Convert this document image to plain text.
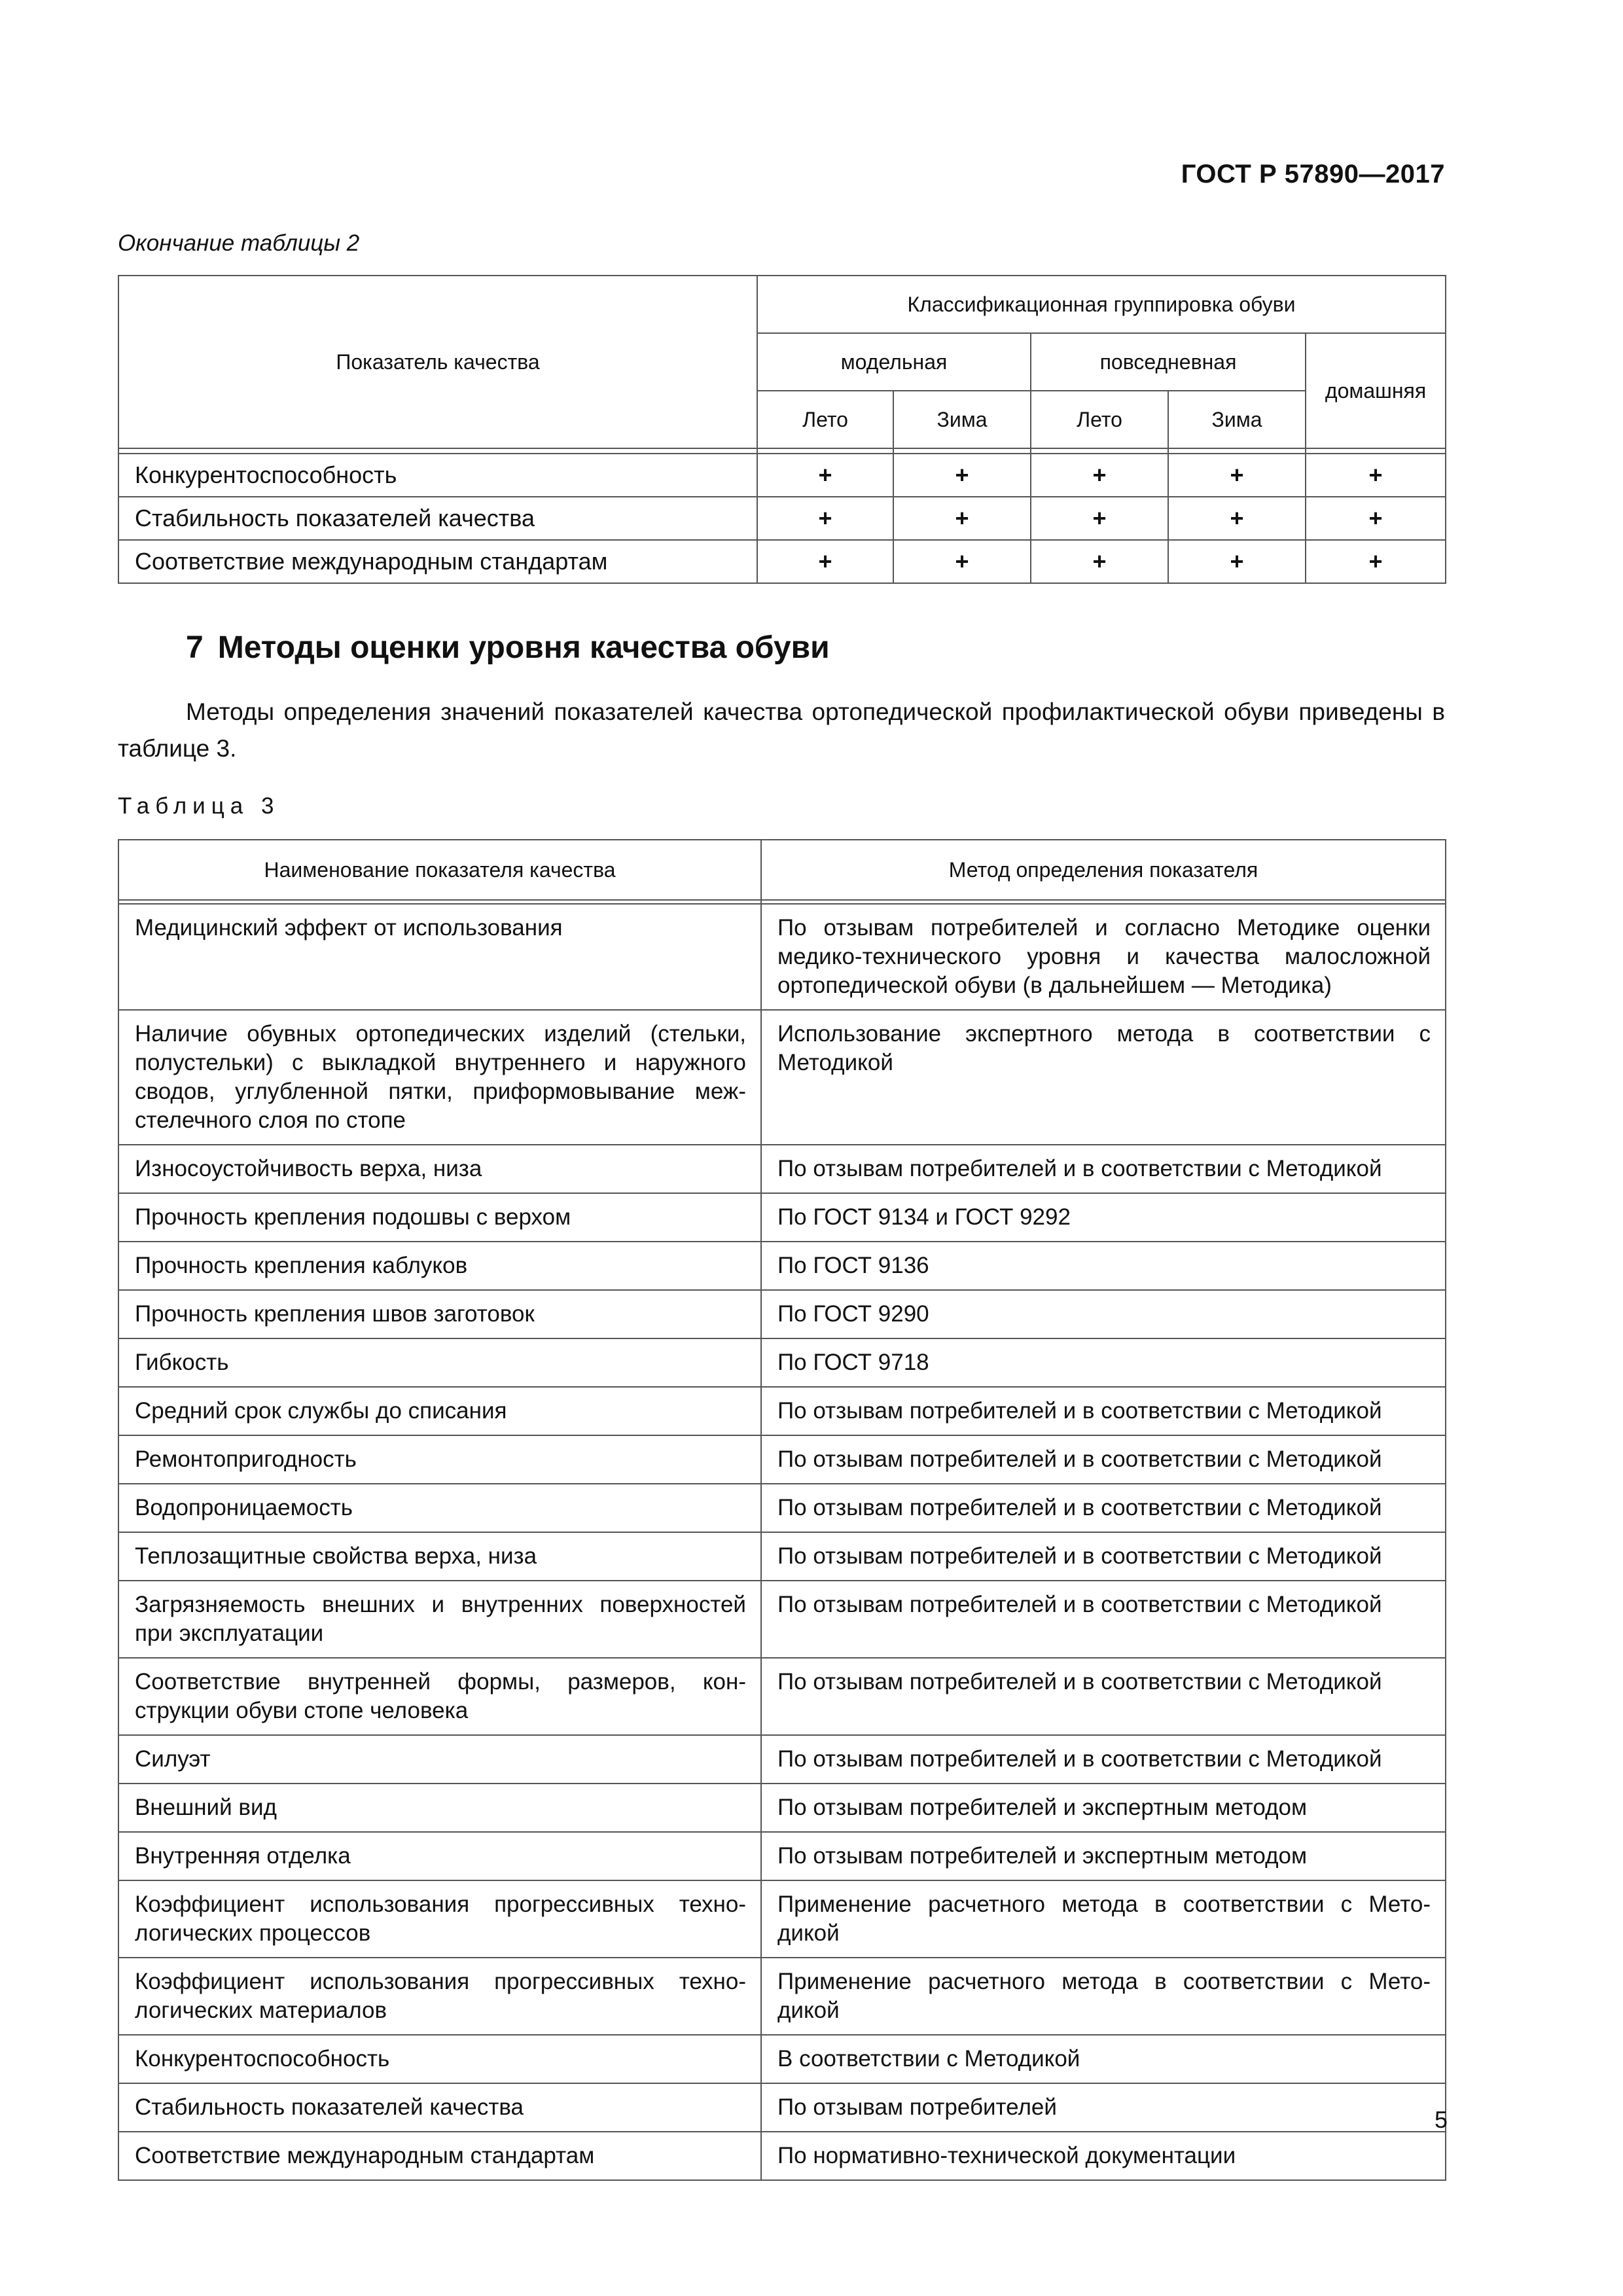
ГОСТ Р 57890—2017
Окончание таблицы 2
Показатель качества	Классификационная группировка обуви				
	модельная		повседневная		домашняя
	Лето	Зима	Лето	Зима	

Конкурентоспособность	+	+	+	+	+
Стабильность показателей качества	+	+	+	+	+
Соответствие международным стандартам	+	+	+	+	+
7 Методы оценки уровня качества обуви
Методы определения значений показателей качества ортопедической профилактической обуви приведены в таблице 3.
Таблица 3
Наименование показателя качества	Метод определения показателя

Медицинский эффект от использования	По отзывам потребителей и согласно Методике оценки медико-технического уровня и качества малосложной ортопедической обуви (в дальнейшем — Методика)
Наличие обувных ортопедических изделий (стельки, полустельки) с выкладкой внутреннего и наружного сводов, углубленной пятки, приформовывание меж-стелечного слоя по стопе	Использование экспертного метода в соответствии с Методикой
Износоустойчивость верха, низа	По отзывам потребителей и в соответствии с Методикой
Прочность крепления подошвы с верхом	По ГОСТ 9134 и ГОСТ 9292
Прочность крепления каблуков	По ГОСТ 9136
Прочность крепления швов заготовок	По ГОСТ 9290
Гибкость	По ГОСТ 9718
Средний срок службы до списания	По отзывам потребителей и в соответствии с Методикой
Ремонтопригодность	По отзывам потребителей и в соответствии с Методикой
Водопроницаемость	По отзывам потребителей и в соответствии с Методикой
Теплозащитные свойства верха, низа	По отзывам потребителей и в соответствии с Методикой
Загрязняемость внешних и внутренних поверхностей при эксплуатации	По отзывам потребителей и в соответствии с Методикой
Соответствие внутренней формы, размеров, кон-струкции обуви стопе человека	По отзывам потребителей и в соответствии с Методикой
Силуэт	По отзывам потребителей и в соответствии с Методикой
Внешний вид	По отзывам потребителей и экспертным методом
Внутренняя отделка	По отзывам потребителей и экспертным методом
Коэффициент использования прогрессивных техно-логических процессов	Применение расчетного метода в соответствии с Мето-дикой
Коэффициент использования прогрессивных техно-логических материалов	Применение расчетного метода в соответствии с Мето-дикой
Конкурентоспособность	В соответствии с Методикой
Стабильность показателей качества	По отзывам потребителей
Соответствие международным стандартам	По нормативно-технической документации
5
